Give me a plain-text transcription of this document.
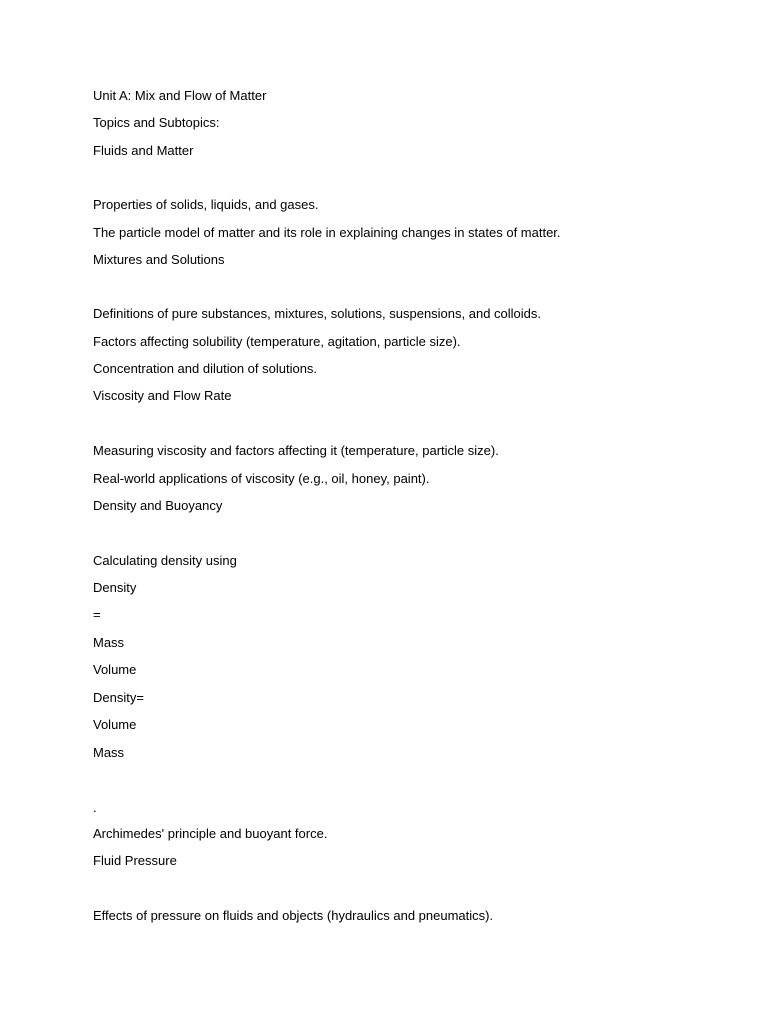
Unit A: Mix and Flow of Matter
Topics and Subtopics:
Fluids and Matter
Properties of solids, liquids, and gases.
The particle model of matter and its role in explaining changes in states of matter.
Mixtures and Solutions
Definitions of pure substances, mixtures, solutions, suspensions, and colloids.
Factors affecting solubility (temperature, agitation, particle size).
Concentration and dilution of solutions.
Viscosity and Flow Rate
Measuring viscosity and factors affecting it (temperature, particle size).
Real-world applications of viscosity (e.g., oil, honey, paint).
Density and Buoyancy
Calculating density using
Density
=
Mass
Volume
Density=
Volume
Mass
.
Archimedes' principle and buoyant force.
Fluid Pressure
Effects of pressure on fluids and objects (hydraulics and pneumatics).
